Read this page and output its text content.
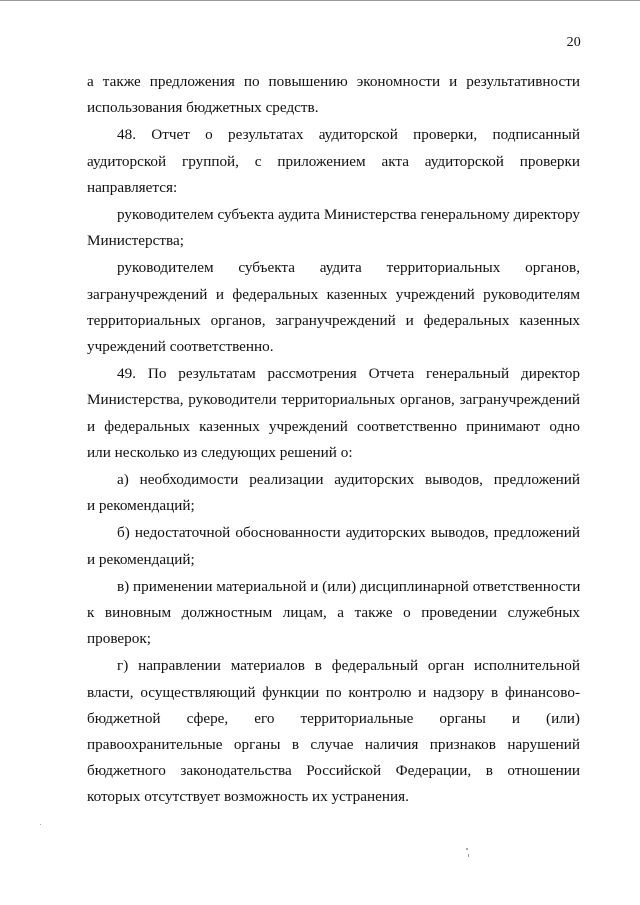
20
а также предложения по повышению экономности и результативности
использования бюджетных средств.
48. Отчет о результатах аудиторской проверки, подписанный
аудиторской группой, с приложением акта аудиторской проверки
направляется:
руководителем субъекта аудита Министерства генеральному директору
Министерства;
руководителем субъекта аудита территориальных органов,
загранучреждений и федеральных казенных учреждений руководителям
территориальных органов, загранучреждений и федеральных казенных
учреждений соответственно.
49. По результатам рассмотрения Отчета генеральный директор
Министерства, руководители территориальных органов, загранучреждений
и федеральных казенных учреждений соответственно принимают одно
или несколько из следующих решений о:
а) необходимости реализации аудиторских выводов, предложений
и рекомендаций;
б) недостаточной обоснованности аудиторских выводов, предложений
и рекомендаций;
в) применении материальной и (или) дисциплинарной ответственности
к виновным должностным лицам, а также о проведении служебных
проверок;
г) направлении материалов в федеральный орган исполнительной
власти, осуществляющий функции по контролю и надзору в финансово-
бюджетной сфере, его территориальные органы и (или)
правоохранительные органы в случае наличия признаков нарушений
бюджетного законодательства Российской Федерации, в отношении
которых отсутствует возможность их устранения.
